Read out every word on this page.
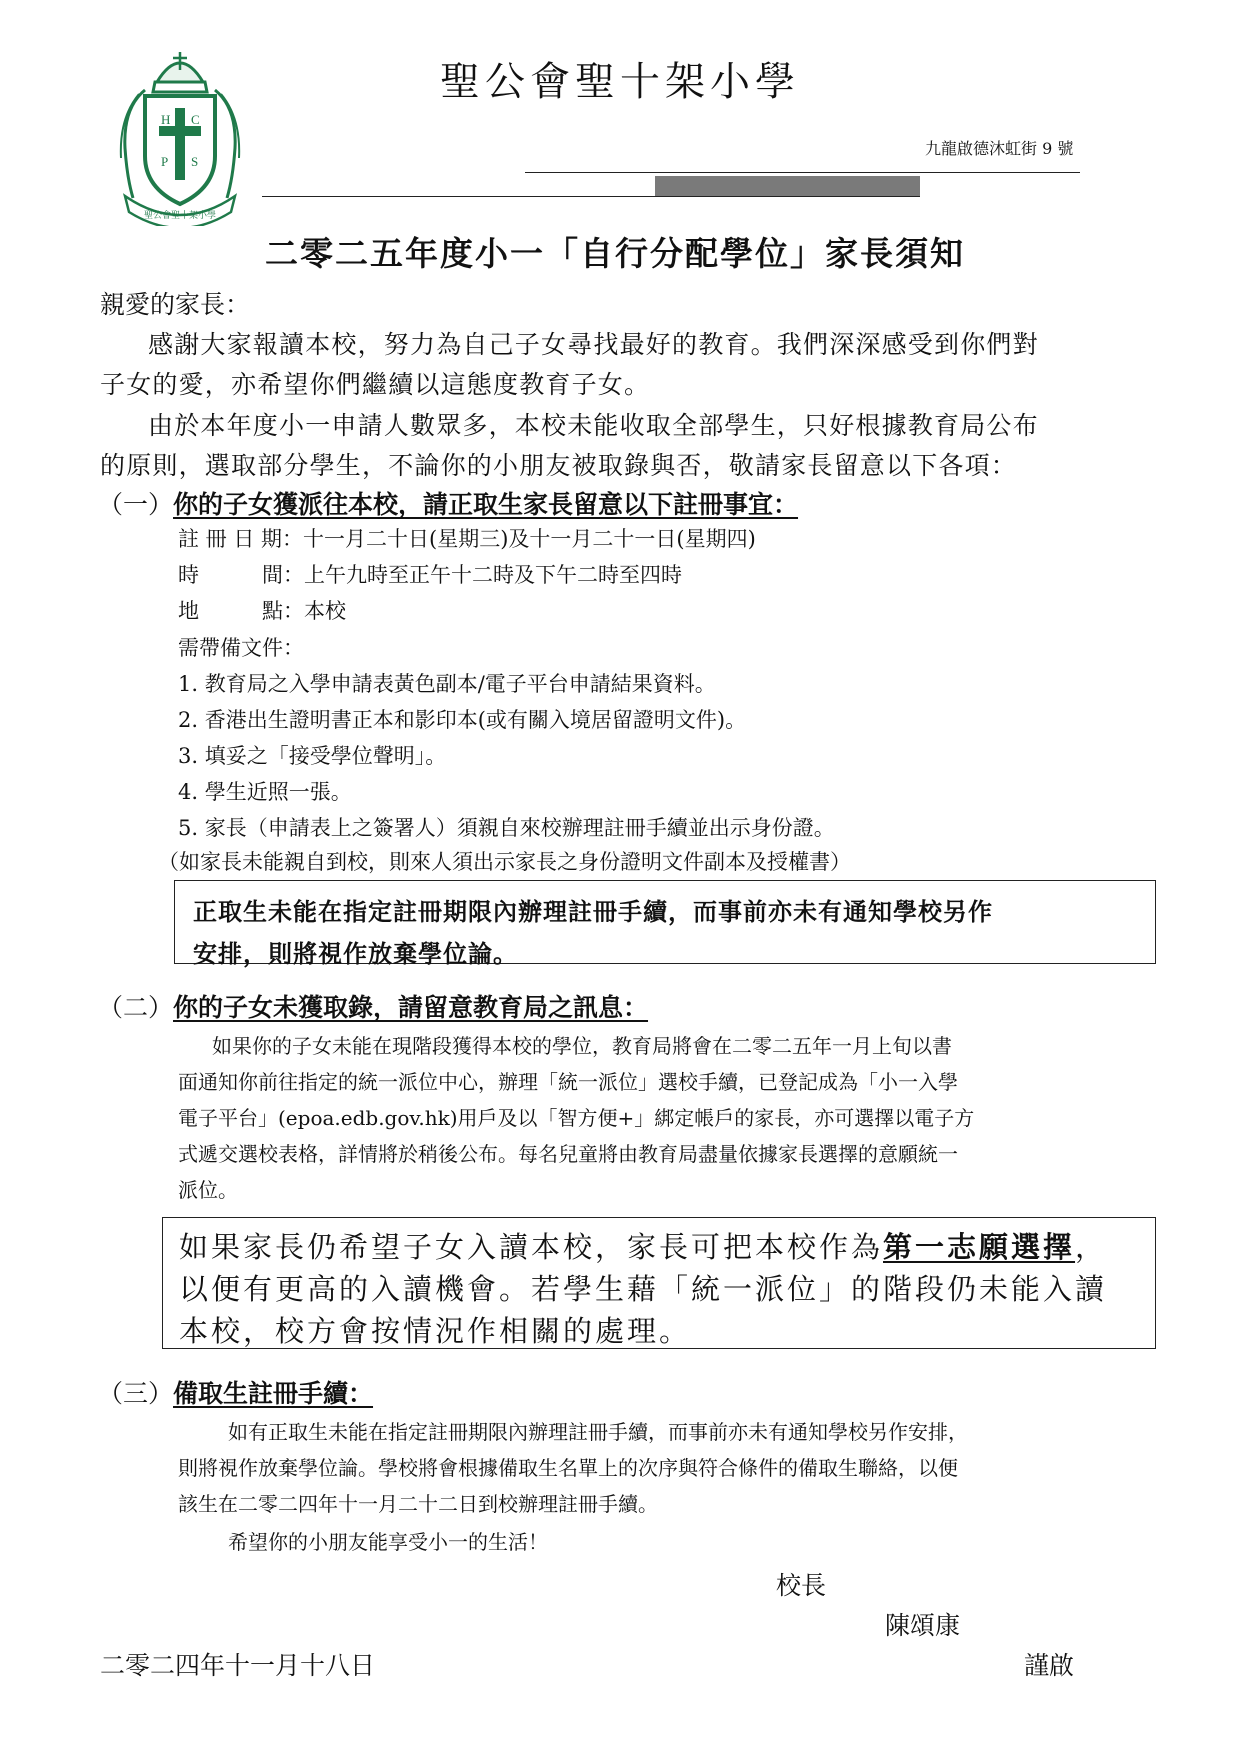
H C
P S
聖公會聖十架小學
聖公會聖十架小學
九龍啟德沐虹街 9 號
二零二五年度小一「自行分配學位」家長須知
親愛的家長：
感謝大家報讀本校，努力為自己子女尋找最好的教育。我們深深感受到你們對
子女的愛，亦希望你們繼續以這態度教育子女。
由於本年度小一申請人數眾多，本校未能收取全部學生，只好根據教育局公布
的原則，選取部分學生，不論你的小朋友被取錄與否，敬請家長留意以下各項：
（一）你的子女獲派往本校，請正取生家長留意以下註冊事宜：
註 冊 日 期：十一月二十日(星期三)及十一月二十一日(星期四)
時　　　間：上午九時至正午十二時及下午二時至四時
地　　　點：本校
需帶備文件：
1. 教育局之入學申請表黃色副本/電子平台申請結果資料。
2. 香港出生證明書正本和影印本(或有關入境居留證明文件)。
3. 填妥之「接受學位聲明」。
4. 學生近照一張。
5. 家長（申請表上之簽署人）須親自來校辦理註冊手續並出示身份證。
（如家長未能親自到校，則來人須出示家長之身份證明文件副本及授權書）
正取生未能在指定註冊期限內辦理註冊手續，而事前亦未有通知學校另作
安排，則將視作放棄學位論。
（二）你的子女未獲取錄，請留意教育局之訊息：
如果你的子女未能在現階段獲得本校的學位，教育局將會在二零二五年一月上旬以書
面通知你前往指定的統一派位中心，辦理「統一派位」選校手續，已登記成為「小一入學
電子平台」(epoa.edb.gov.hk)用戶及以「智方便+」綁定帳戶的家長，亦可選擇以電子方
式遞交選校表格，詳情將於稍後公布。每名兒童將由教育局盡量依據家長選擇的意願統一
派位。
如果家長仍希望子女入讀本校，家長可把本校作為第一志願選擇，
以便有更高的入讀機會。若學生藉「統一派位」的階段仍未能入讀
本校，校方會按情況作相關的處理。
（三）備取生註冊手續：
如有正取生未能在指定註冊期限內辦理註冊手續，而事前亦未有通知學校另作安排，
則將視作放棄學位論。學校將會根據備取生名單上的次序與符合條件的備取生聯絡，以便
該生在二零二四年十一月二十二日到校辦理註冊手續。
希望你的小朋友能享受小一的生活！
校長
陳頌康
二零二四年十一月十八日	謹啟
